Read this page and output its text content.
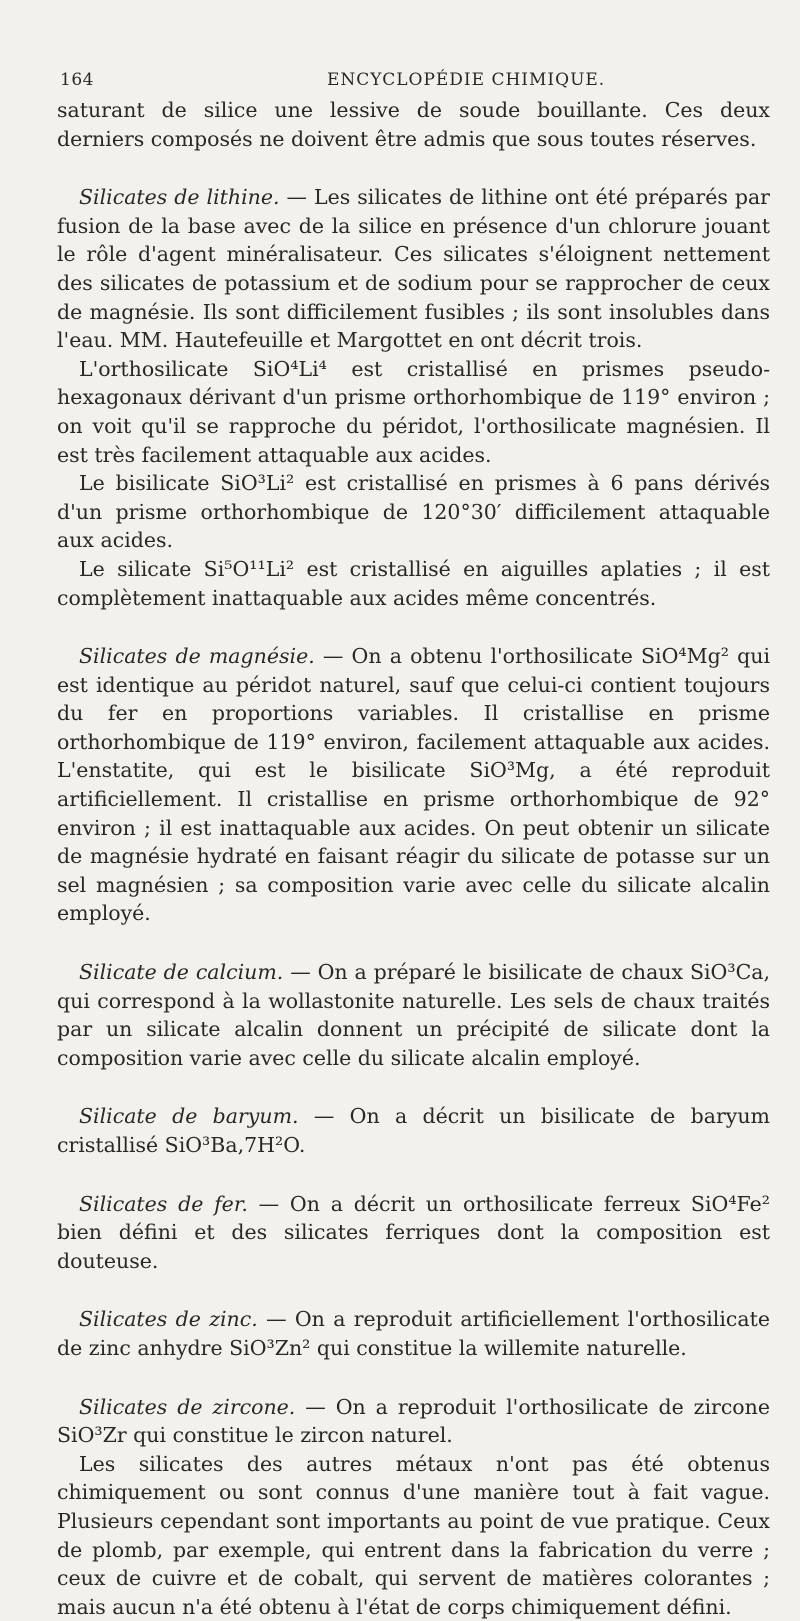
164	ENCYCLOPÉDIE CHIMIQUE.

saturant de silice une lessive de soude bouillante. Ces deux derniers composés ne doivent être admis que sous toutes réserves.

Silicates de lithine. — Les silicates de lithine ont été préparés par fusion de la base avec de la silice en présence d'un chlorure jouant le rôle d'agent minéralisateur. Ces silicates s'éloignent nettement des silicates de potassium et de sodium pour se rapprocher de ceux de magnésie. Ils sont difficilement fusibles ; ils sont insolubles dans l'eau. MM. Hautefeuille et Margottet en ont décrit trois.

L'orthosilicate SiO⁴Li⁴ est cristallisé en prismes pseudo-hexagonaux dérivant d'un prisme orthorhombique de 119° environ ; on voit qu'il se rapproche du péridot, l'orthosilicate magnésien. Il est très facilement attaquable aux acides.

Le bisilicate SiO³Li² est cristallisé en prismes à 6 pans dérivés d'un prisme orthorhombique de 120°30′ difficilement attaquable aux acides.

Le silicate Si⁵O¹¹Li² est cristallisé en aiguilles aplaties ; il est complètement inattaquable aux acides même concentrés.

Silicates de magnésie. — On a obtenu l'orthosilicate SiO⁴Mg² qui est identique au péridot naturel, sauf que celui-ci contient toujours du fer en proportions variables. Il cristallise en prisme orthorhombique de 119° environ, facilement attaquable aux acides. L'enstatite, qui est le bisilicate SiO³Mg, a été reproduit artificiellement. Il cristallise en prisme orthorhombique de 92° environ ; il est inattaquable aux acides. On peut obtenir un silicate de magnésie hydraté en faisant réagir du silicate de potasse sur un sel magnésien ; sa composition varie avec celle du silicate alcalin employé.

Silicate de calcium. — On a préparé le bisilicate de chaux SiO³Ca, qui correspond à la wollastonite naturelle. Les sels de chaux traités par un silicate alcalin donnent un précipité de silicate dont la composition varie avec celle du silicate alcalin employé.

Silicate de baryum. — On a décrit un bisilicate de baryum cristallisé SiO³Ba,7H²O.

Silicates de fer. — On a décrit un orthosilicate ferreux SiO⁴Fe² bien défini et des silicates ferriques dont la composition est douteuse.

Silicates de zinc. — On a reproduit artificiellement l'orthosilicate de zinc anhydre SiO³Zn² qui constitue la willemite naturelle.

Silicates de zircone. — On a reproduit l'orthosilicate de zircone SiO³Zr qui constitue le zircon naturel.

Les silicates des autres métaux n'ont pas été obtenus chimiquement ou sont connus d'une manière tout à fait vague. Plusieurs cependant sont importants au point de vue pratique. Ceux de plomb, par exemple, qui entrent dans la fabrication du verre ; ceux de cuivre et de cobalt, qui servent de matières colorantes ; mais aucun n'a été obtenu à l'état de corps chimiquement défini.
